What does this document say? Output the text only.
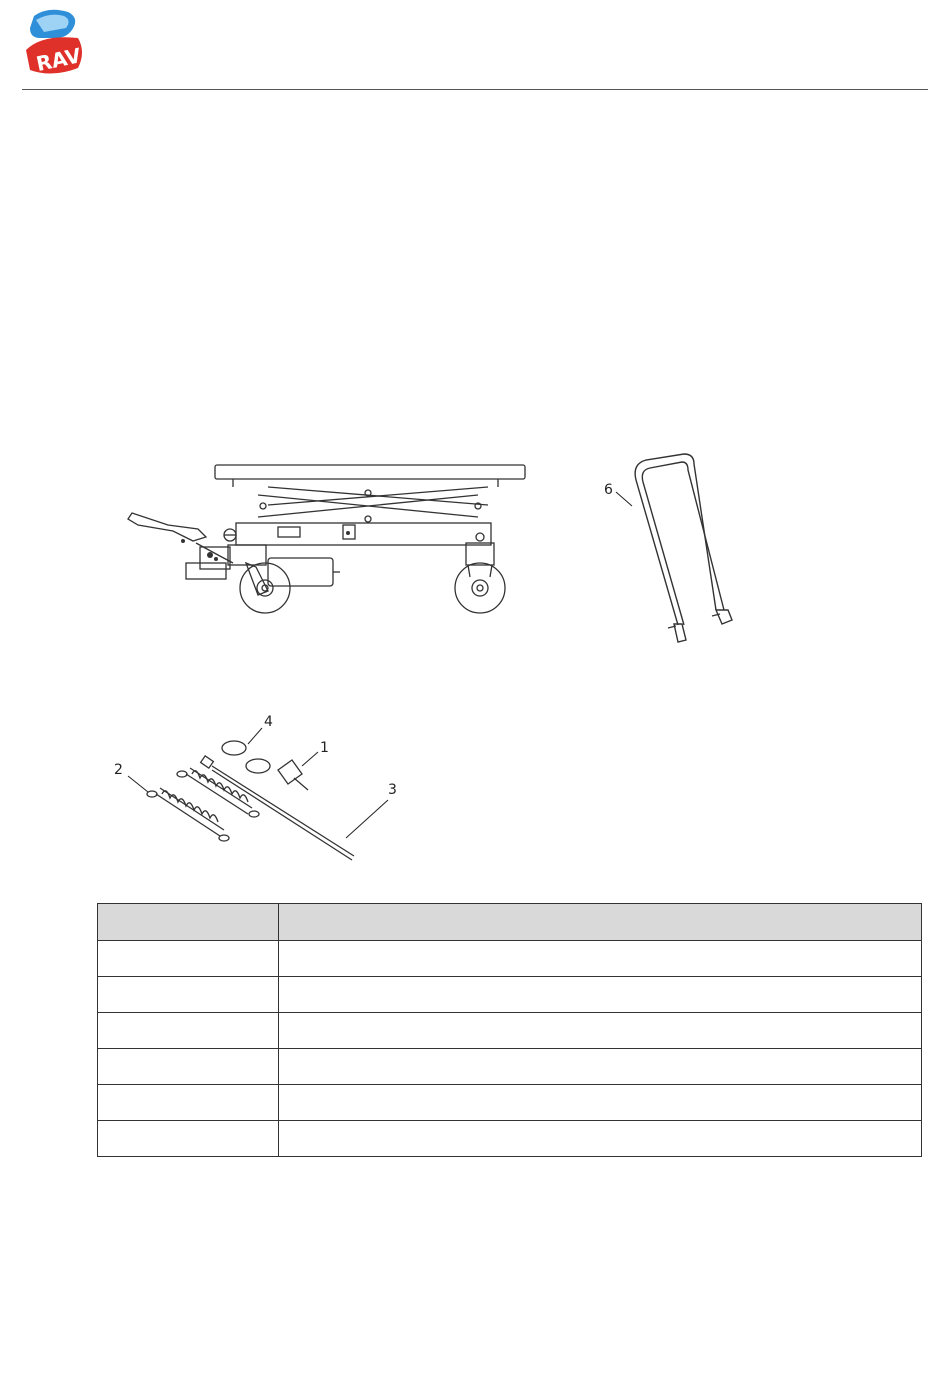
RAV
6
4
1
2
3
